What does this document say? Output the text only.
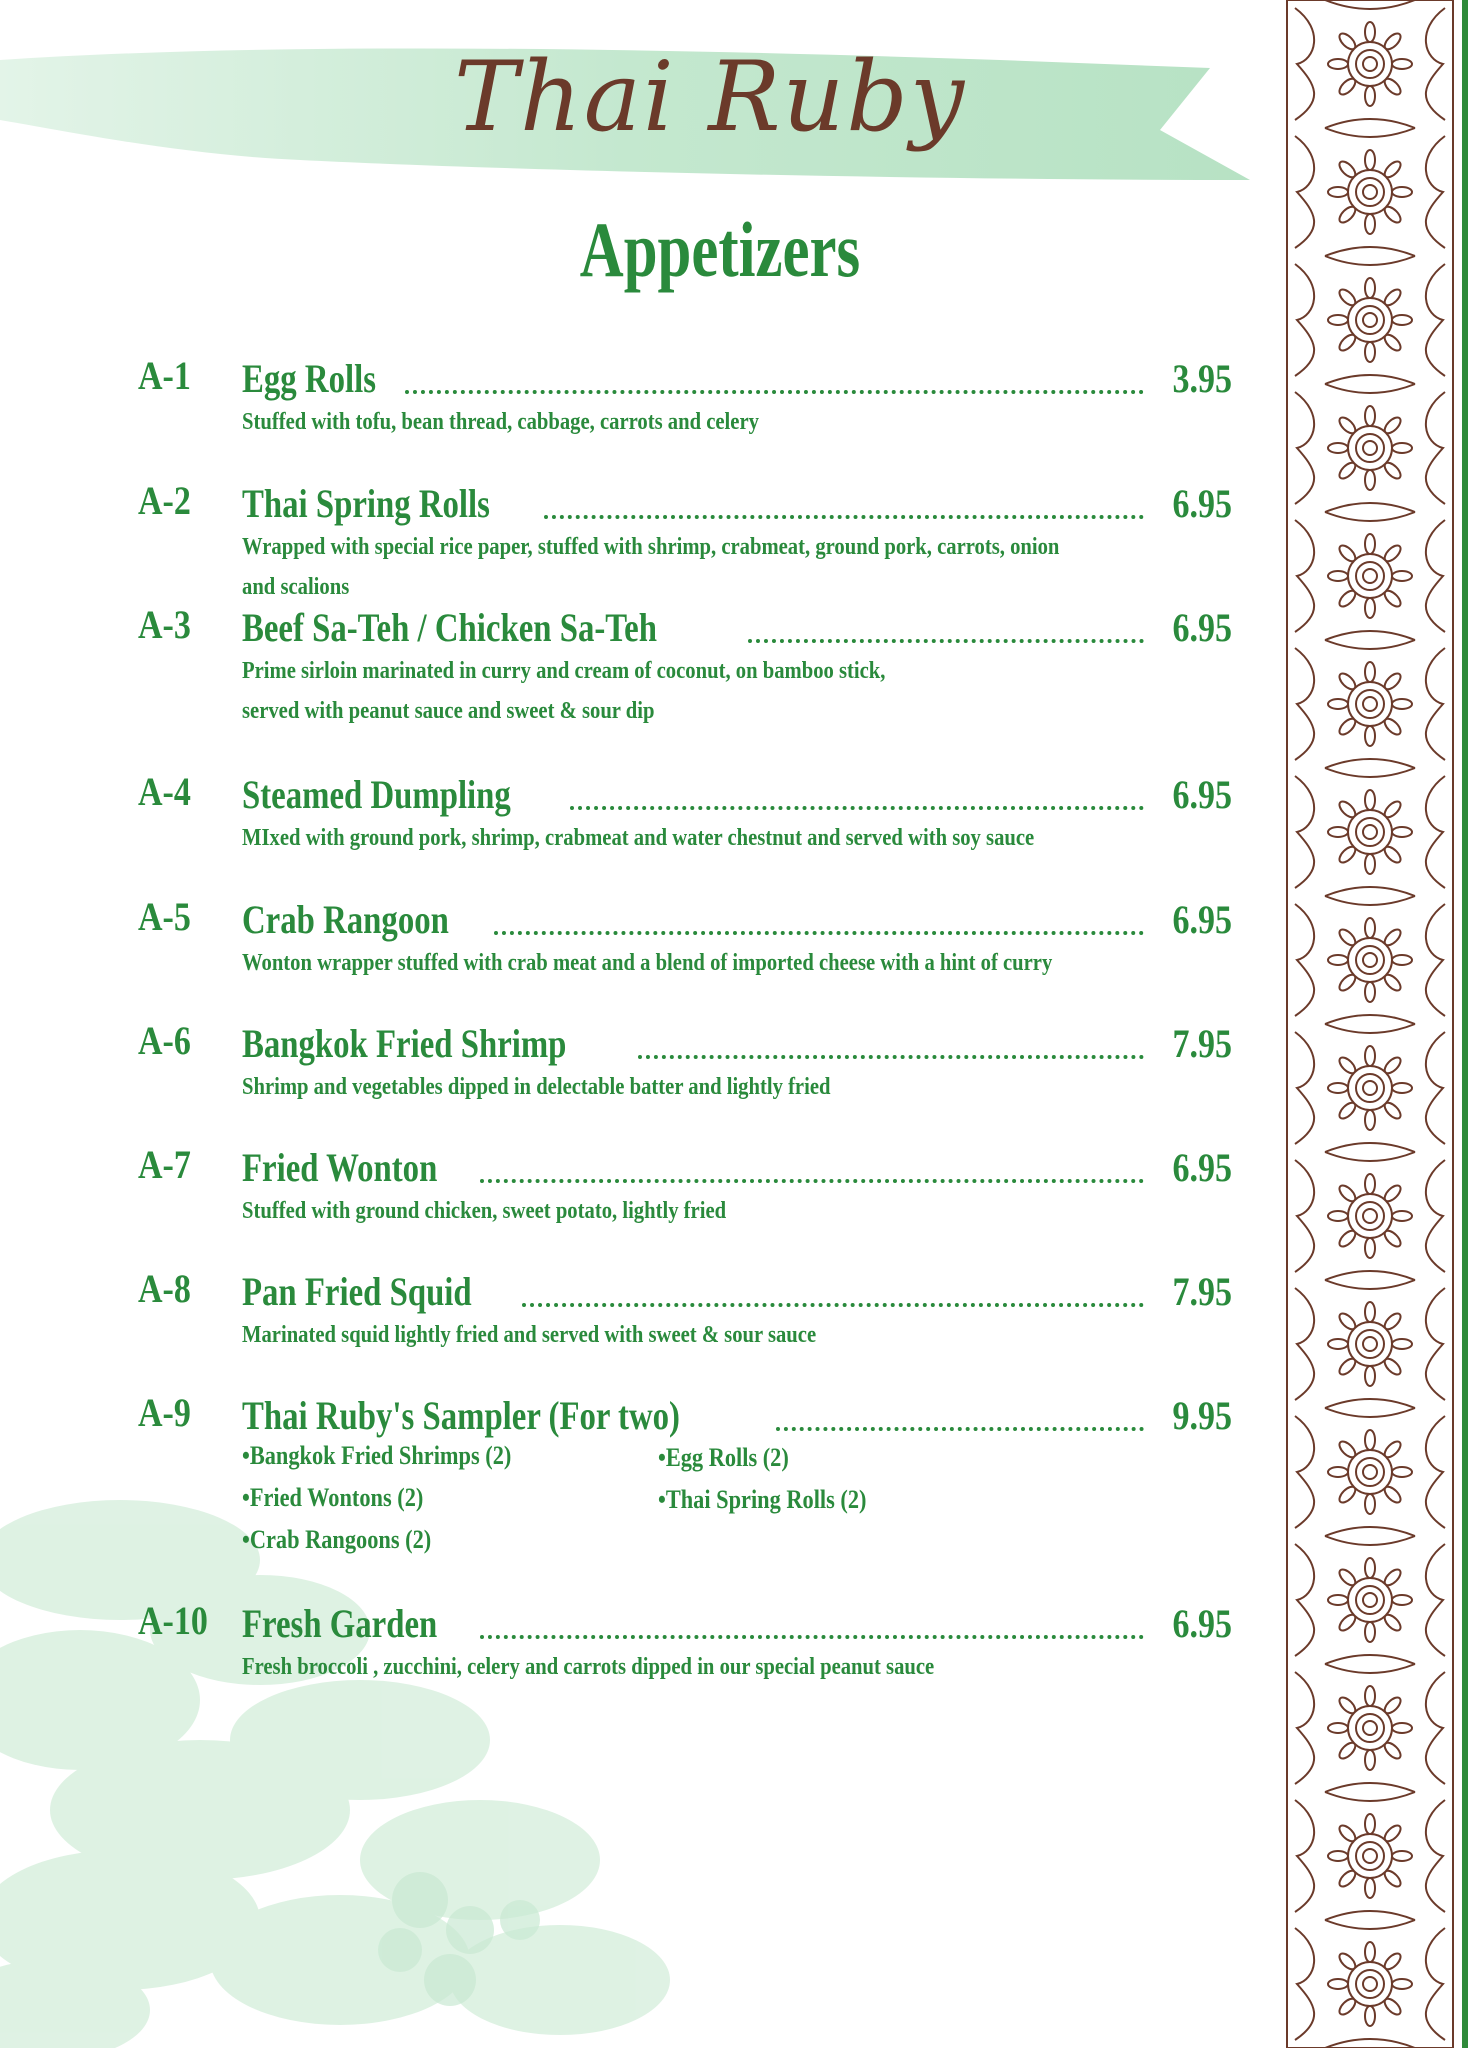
Thai Ruby
Appetizers
A-1 Egg Rolls	3.95
Stuffed with tofu, bean thread, cabbage, carrots and celery
A-2 Thai Spring Rolls	6.95
Wrapped with special rice paper, stuffed with shrimp, crabmeat, ground pork, carrots, onion and scalions
A-3 Beef Sa-Teh / Chicken Sa-Teh	6.95
Prime sirloin marinated in curry and cream of coconut, on bamboo stick,
served with peanut sauce and sweet & sour dip
A-4 Steamed Dumpling	6.95
MIxed with ground pork, shrimp, crabmeat and water chestnut and served with soy sauce
A-5 Crab Rangoon	6.95
Wonton wrapper stuffed with crab meat and a blend of imported cheese with a hint of curry
A-6 Bangkok Fried Shrimp	7.95
Shrimp and vegetables dipped in delectable batter and lightly fried
A-7 Fried Wonton	6.95
Stuffed with ground chicken, sweet potato, lightly fried
A-8 Pan Fried Squid	7.95
Marinated squid lightly fried and served with sweet & sour sauce
A-9 Thai Ruby's Sampler (For two)	9.95
•Bangkok Fried Shrimps (2)
•Fried Wontons (2)
•Crab Rangoons (2)
•Egg Rolls (2)
•Thai Spring Rolls (2)
A-10 Fresh Garden	6.95
Fresh broccoli , zucchini, celery and carrots dipped in our special peanut sauce
